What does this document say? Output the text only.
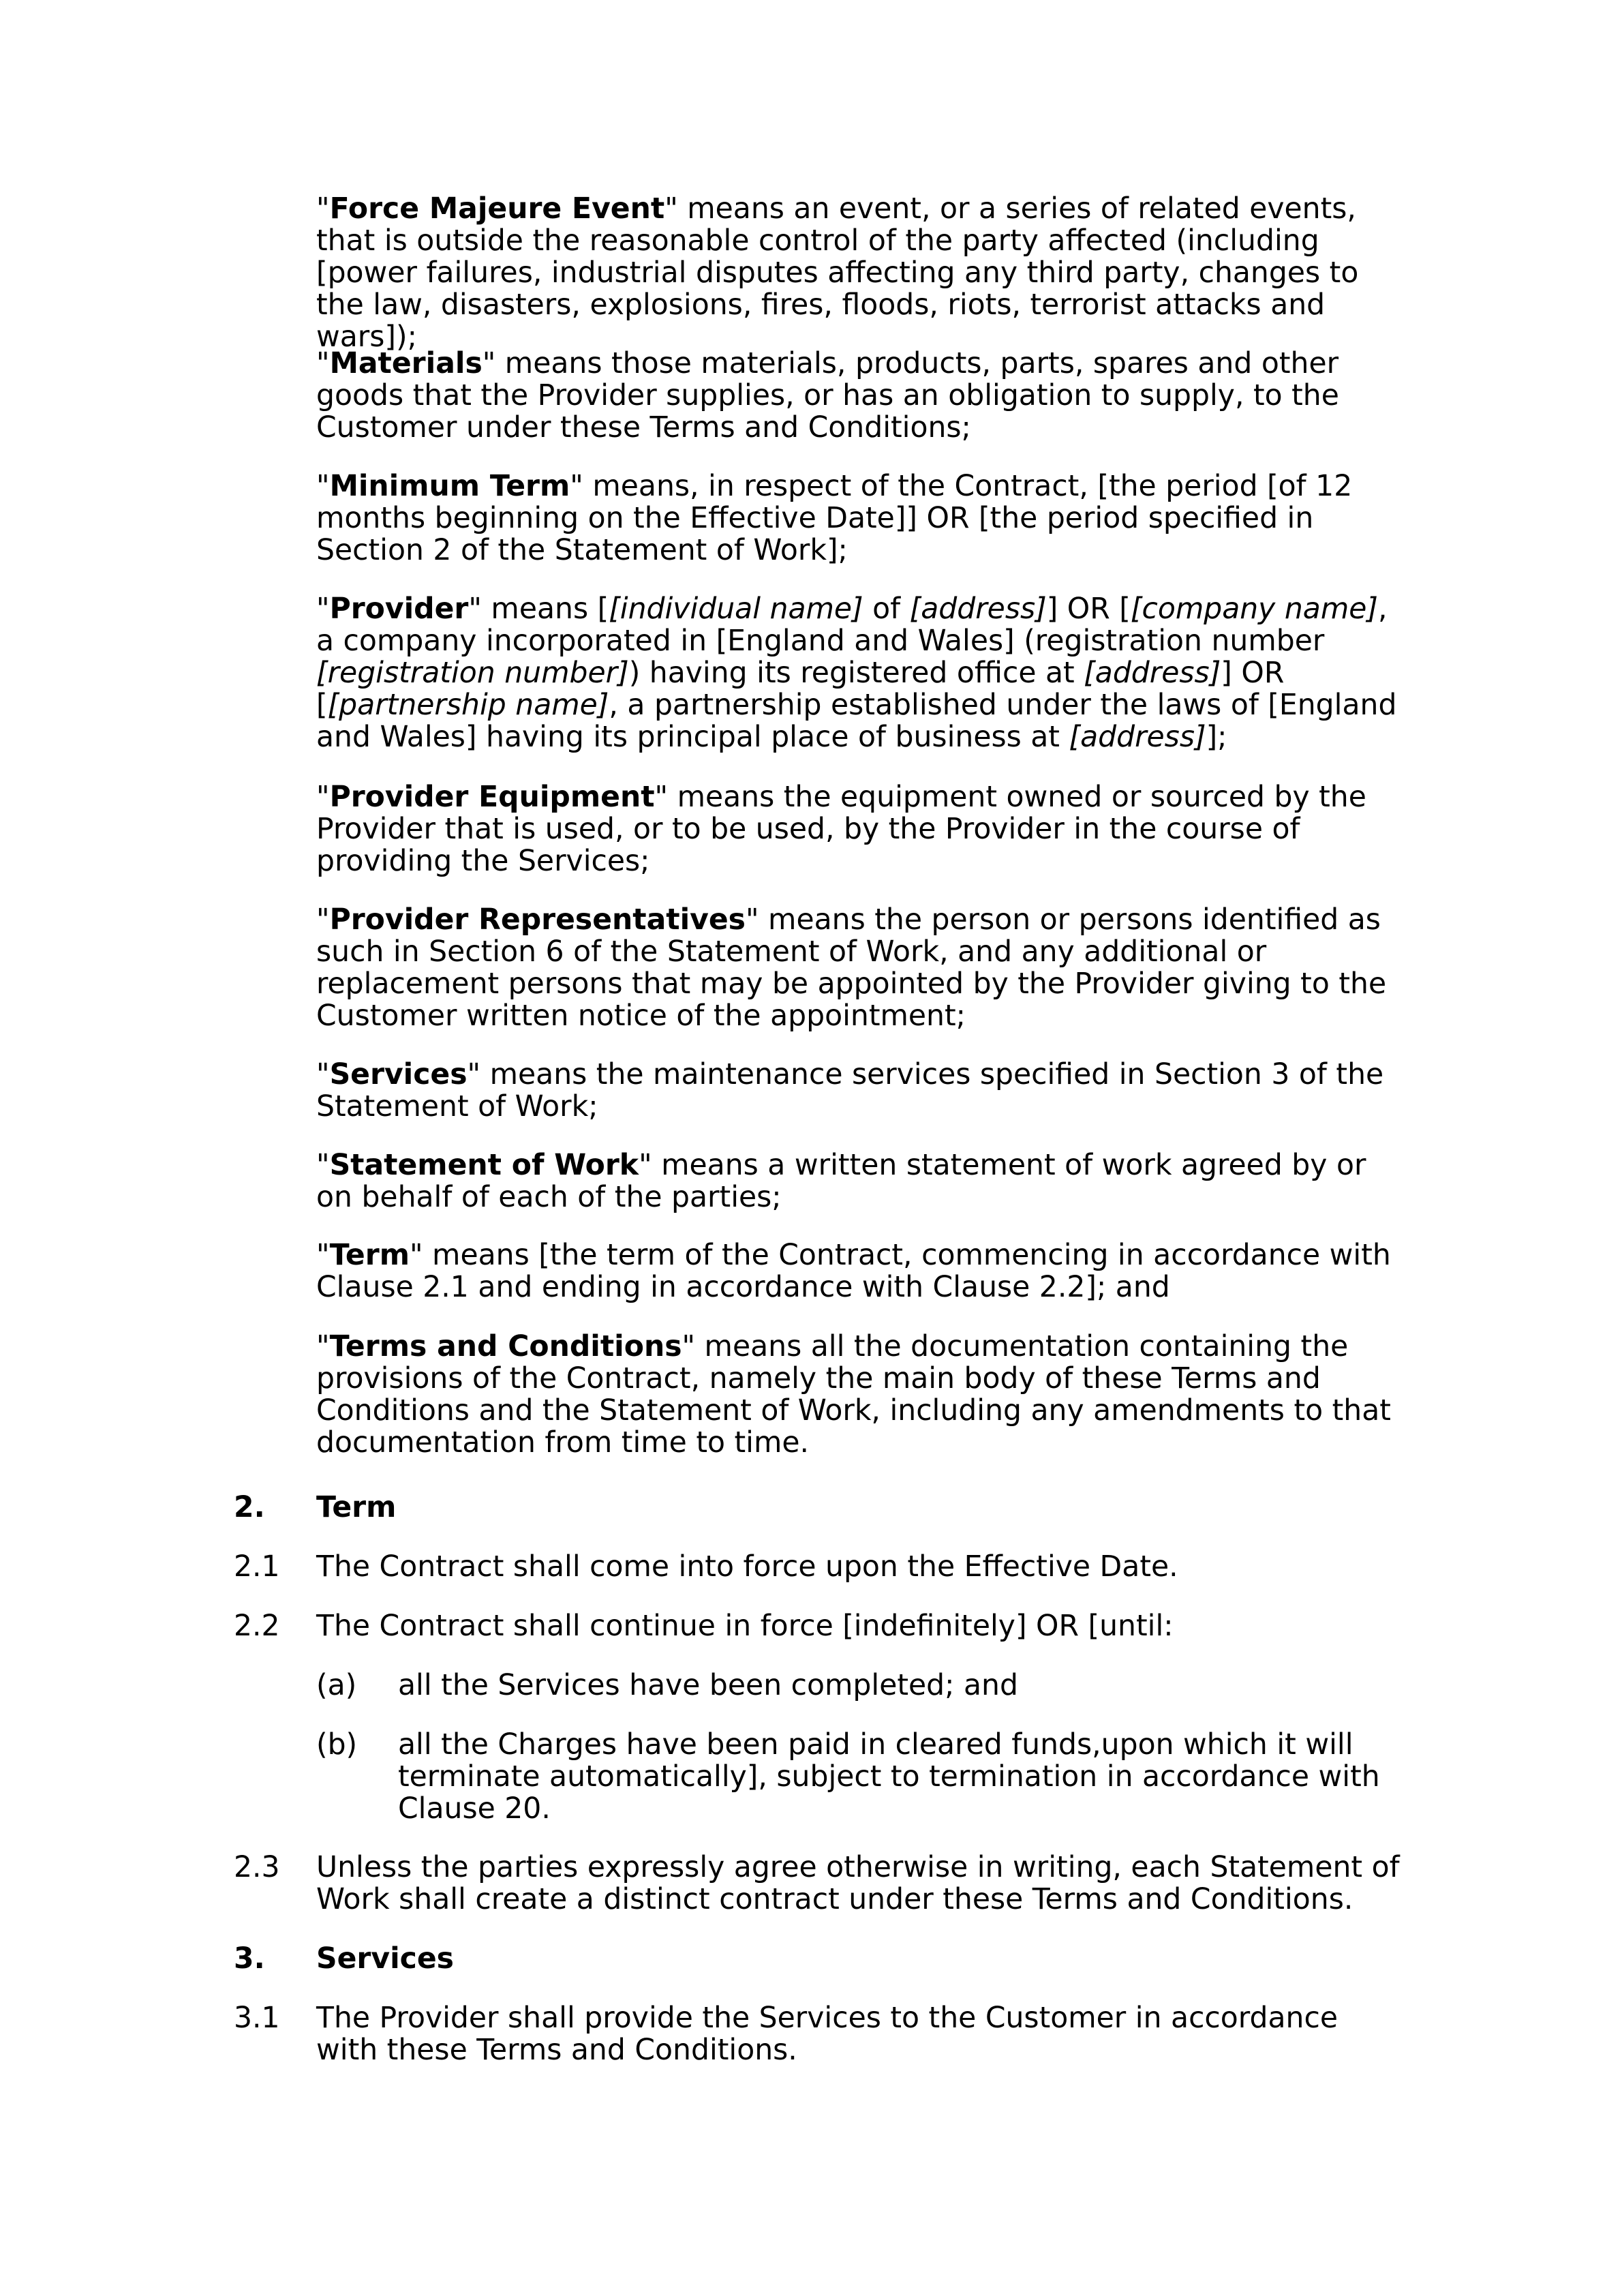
"Force Majeure Event" means an event, or a series of related events, that is outside the reasonable control of the party affected (including [power failures, industrial disputes affecting any third party, changes to the law, disasters, explosions, fires, floods, riots, terrorist attacks and wars]);

"Materials" means those materials, products, parts, spares and other goods that the Provider supplies, or has an obligation to supply, to the Customer under these Terms and Conditions;

"Minimum Term" means, in respect of the Contract, [the period [of 12 months beginning on the Effective Date]] OR [the period specified in Section 2 of the Statement of Work];

"Provider" means [[individual name] of [address]] OR [[company name], a company incorporated in [England and Wales] (registration number [registration number]) having its registered office at [address]] OR [[partnership name], a partnership established under the laws of [England and Wales] having its principal place of business at [address]];

"Provider Equipment" means the equipment owned or sourced by the Provider that is used, or to be used, by the Provider in the course of providing the Services;

"Provider Representatives" means the person or persons identified as such in Section 6 of the Statement of Work, and any additional or replacement persons that may be appointed by the Provider giving to the Customer written notice of the appointment;

"Services" means the maintenance services specified in Section 3 of the Statement of Work;

"Statement of Work" means a written statement of work agreed by or on behalf of each of the parties;

"Term" means [the term of the Contract, commencing in accordance with Clause 2.1 and ending in accordance with Clause 2.2]; and

"Terms and Conditions" means all the documentation containing the provisions of the Contract, namely the main body of these Terms and Conditions and the Statement of Work, including any amendments to that documentation from time to time.

2. Term

2.1 The Contract shall come into force upon the Effective Date.

2.2 The Contract shall continue in force [indefinitely] OR [until:

(a) all the Services have been completed; and

(b) all the Charges have been paid in cleared funds,upon which it will terminate automatically], subject to termination in accordance with Clause 20.

2.3 Unless the parties expressly agree otherwise in writing, each Statement of Work shall create a distinct contract under these Terms and Conditions.

3. Services

3.1 The Provider shall provide the Services to the Customer in accordance with these Terms and Conditions.
